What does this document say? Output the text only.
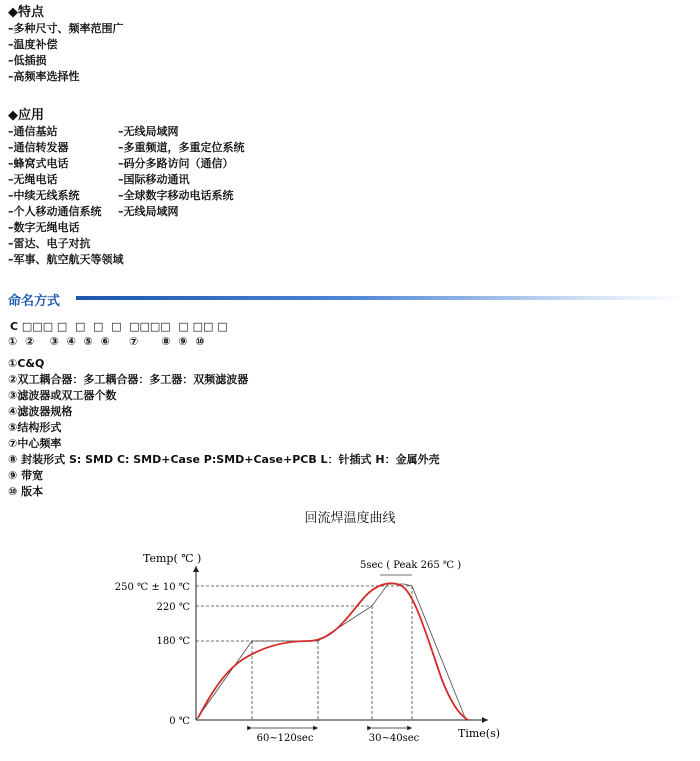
◆特点
–多种尺寸、频率范围广
–温度补偿
–低插损
–高频率选择性
◆应用
–通信基站
–通信转发器
–蜂窝式电话
–无绳电话
–中续无线系统
–个人移动通信系统
–数字无绳电话
–雷达、电子对抗
–军事、航空航天等领域
–无线局域网
–多重频道，多重定位系统
–码分多路访问（通信）
–国际移动通讯
–全球数字移动电话系统
–无线局域网
命名方式
C □□□ □  □  □  □  □□□□  □ □□ □
①  ②    ③  ④  ⑤  ⑥     ⑦      ⑧  ⑨  ⑩
①C&Q
②双工耦合器：多工耦合器：多工器：双频滤波器
③滤波器或双工器个数
④滤波器规格
⑤结构形式
⑦中心频率
⑧ 封装形式 S: SMD C: SMD+Case P:SMD+Case+PCB L：针插式 H：金属外壳
⑨ 带宽
⑩ 版本
回流焊温度曲线
Temp( ℃ )
Time(s)
0 ℃
180 ℃
220 ℃
250 ℃ ± 10 ℃
5sec ( Peak 265 ℃ )
60~120sec	30~40sec
